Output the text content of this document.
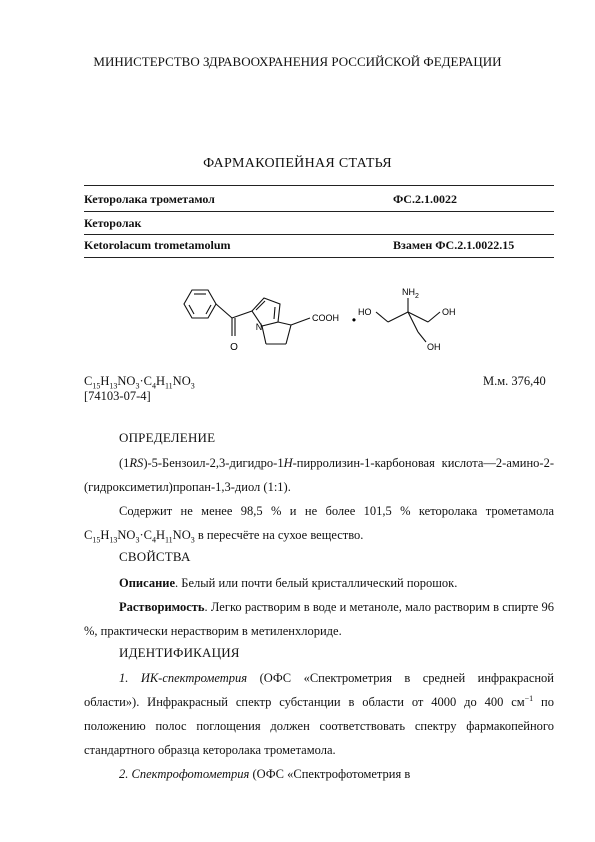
МИНИСТЕРСТВО ЗДРАВООХРАНЕНИЯ РОССИЙСКОЙ ФЕДЕРАЦИИ
ФАРМАКОПЕЙНАЯ СТАТЬЯ
Кеторолака трометамол	ФС.2.1.0022
Кеторолак
Ketorolacum trometamolum	Взамен ФС.2.1.0022.15
O
N
COOH •
$NH_2$
HO	OH
OH
$C_{15}H_{13}NO_3\cdot C_4H_{11}NO_3$	М.м. 376,40
[74103-07-4]
ОПРЕДЕЛЕНИЕ
(1RS)-5-Бензоил-2,3-дигидро-1H-пирролизин-1-карбоновая кислота—2-амино-2-(гидроксиметил)пропан-1,3-диол (1:1).
Содержит не менее 98,5 % и не более 101,5 % кеторолака трометамола $C_{15}H_{13}NO_3\cdot C_4H_{11}NO_3$ в пересчёте на сухое вещество.
СВОЙСТВА
Описание. Белый или почти белый кристаллический порошок.
Растворимость. Легко растворим в воде и метаноле, мало растворим в спирте 96 %, практически нерастворим в метиленхлориде.
ИДЕНТИФИКАЦИЯ
1. ИК-спектрометрия (ОФС «Спектрометрия в средней инфракрасной области»). Инфракрасный спектр субстанции в области от 4000 до 400 $см^{-1}$ по положению полос поглощения должен соответствовать спектру фармакопейного стандартного образца кеторолака трометамола.
2. Спектрофотометрия (ОФС «Спектрофотометрия в
